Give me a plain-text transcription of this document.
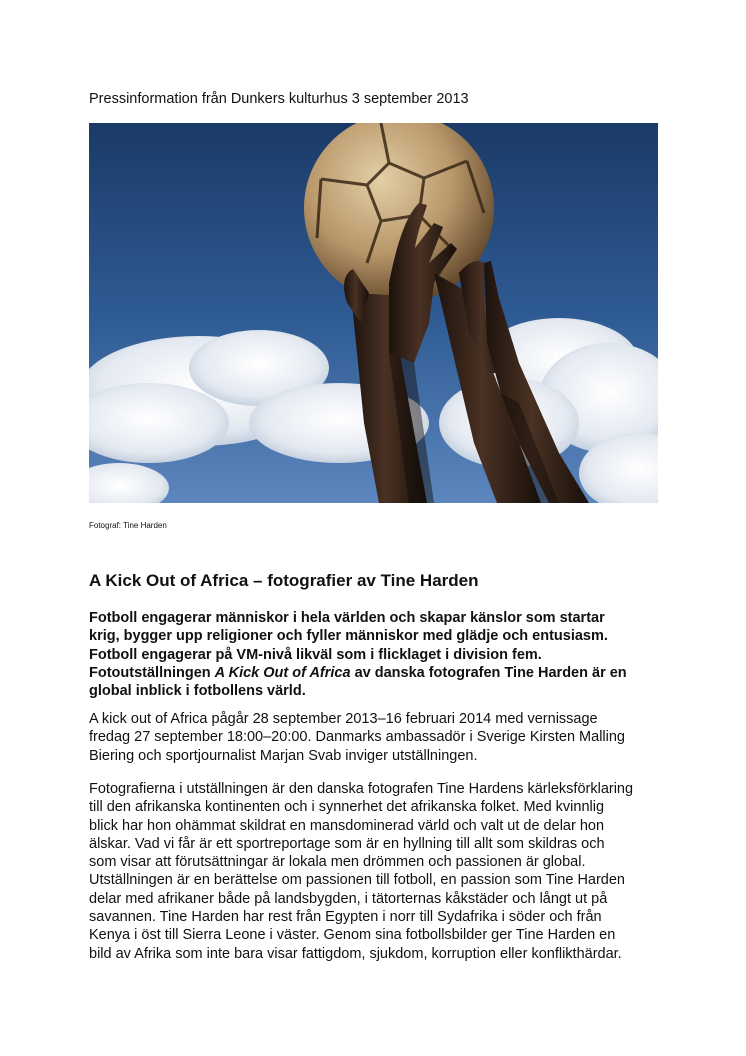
Pressinformation från Dunkers kulturhus 3 september 2013
Fotograf: Tine Harden
A Kick Out of Africa – fotografier av Tine Harden

Fotboll engagerar människor i hela världen och skapar känslor som startar
krig, bygger upp religioner och fyller människor med glädje och entusiasm.
Fotboll engagerar på VM-nivå likväl som i flicklaget i division fem.
Fotoutställningen A Kick Out of Africa av danska fotografen Tine Harden är en
global inblick i fotbollens värld.

A kick out of Africa pågår 28 september 2013–16 februari 2014 med vernissage
fredag 27 september 18:00–20:00. Danmarks ambassadör i Sverige Kirsten Malling
Biering och sportjournalist Marjan Svab inviger utställningen.

Fotografierna i utställningen är den danska fotografen Tine Hardens kärleksförklaring
till den afrikanska kontinenten och i synnerhet det afrikanska folket. Med kvinnlig
blick har hon ohämmat skildrat en mansdominerad värld och valt ut de delar hon
älskar. Vad vi får är ett sportreportage som är en hyllning till allt som skildras och
som visar att förutsättningar är lokala men drömmen och passionen är global.
Utställningen är en berättelse om passionen till fotboll, en passion som Tine Harden
delar med afrikaner både på landsbygden, i tätorternas kåkstäder och långt ut på
savannen. Tine Harden har rest från Egypten i norr till Sydafrika i söder och från
Kenya i öst till Sierra Leone i väster. Genom sina fotbollsbilder ger Tine Harden en
bild av Afrika som inte bara visar fattigdom, sjukdom, korruption eller konflikthärdar.
